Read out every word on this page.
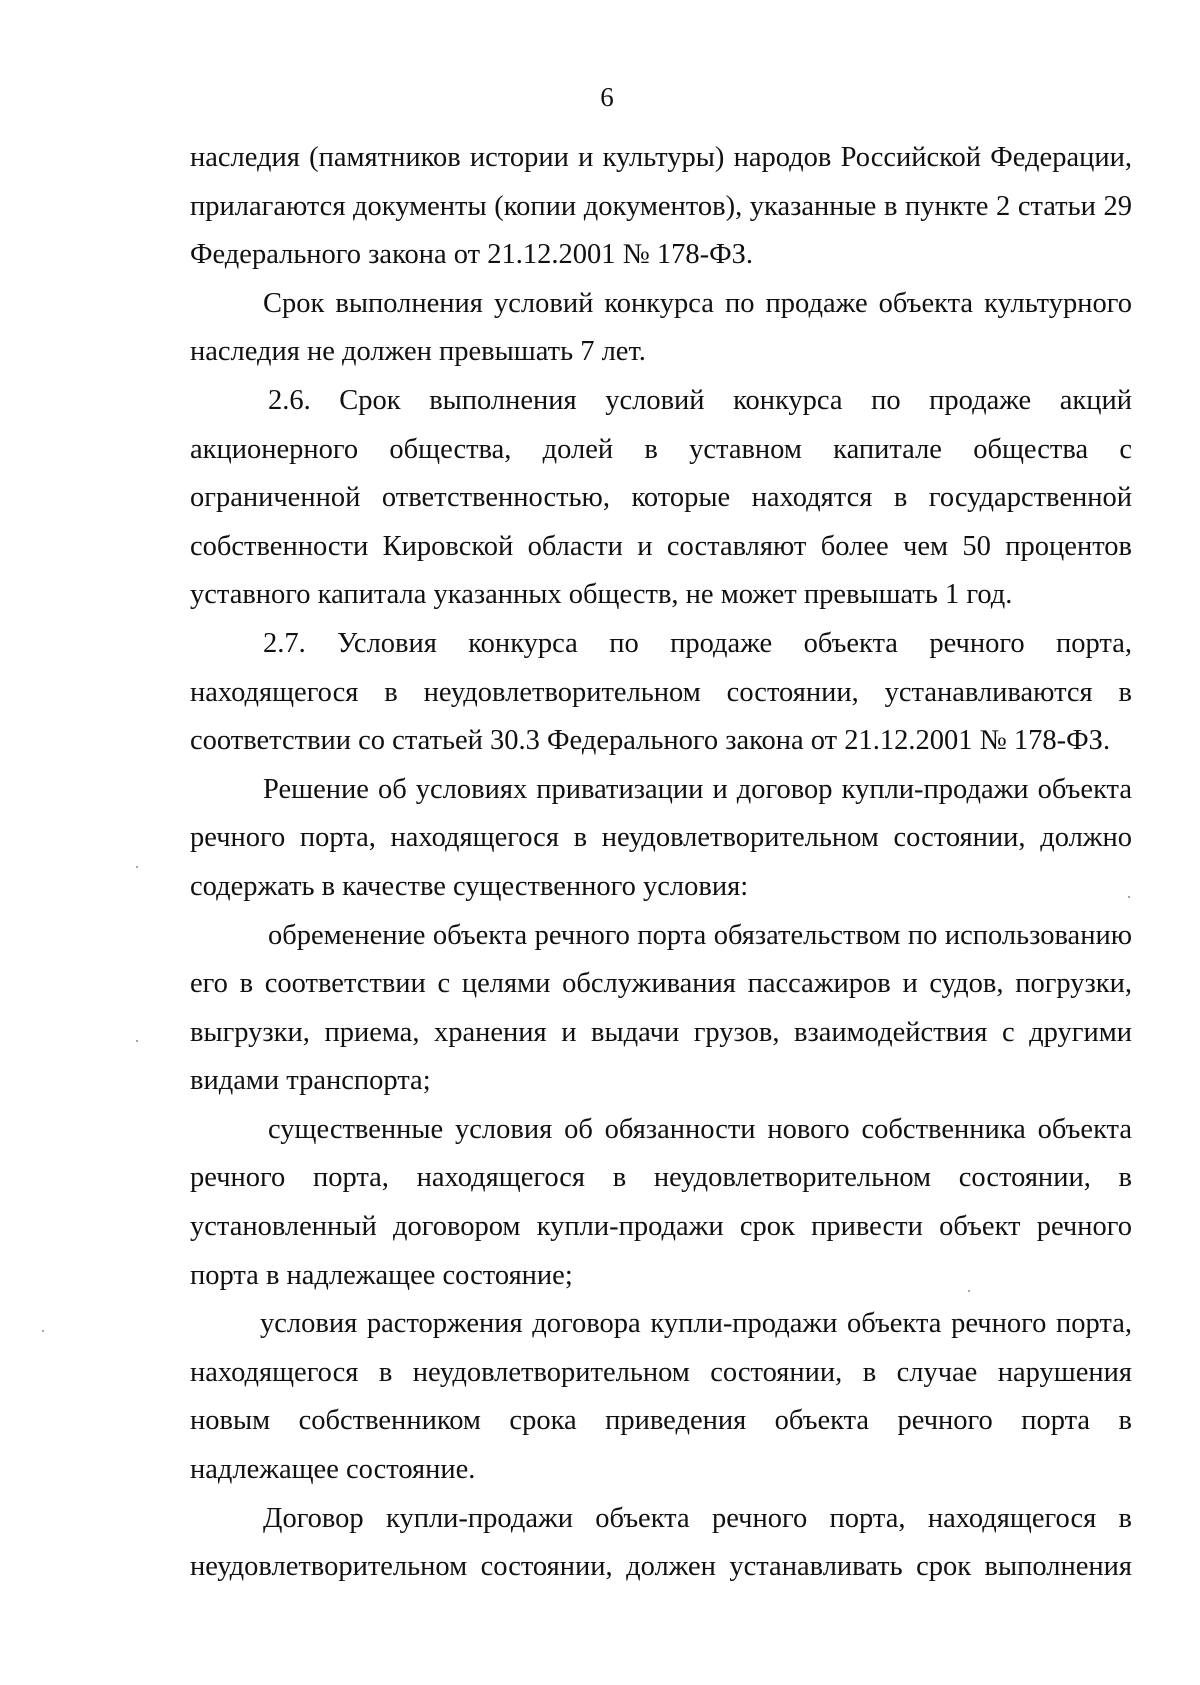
6

наследия (памятников истории и культуры) народов Российской Федерации, прилагаются документы (копии документов), указанные в пункте 2 статьи 29 Федерального закона от 21.12.2001 № 178-ФЗ.

Срок выполнения условий конкурса по продаже объекта культурного наследия не должен превышать 7 лет.

2.6. Срок выполнения условий конкурса по продаже акций акционерного общества, долей в уставном капитале общества с ограниченной ответственностью, которые находятся в государственной собственности Кировской области и составляют более чем 50 процентов уставного капитала указанных обществ, не может превышать 1 год.

2.7. Условия конкурса по продаже объекта речного порта, находящегося в неудовлетворительном состоянии, устанавливаются в соответствии со статьей 30.3 Федерального закона от 21.12.2001 № 178-ФЗ.

Решение об условиях приватизации и договор купли-продажи объекта речного порта, находящегося в неудовлетворительном состоянии, должно содержать в качестве существенного условия:

обременение объекта речного порта обязательством по использованию его в соответствии с целями обслуживания пассажиров и судов, погрузки, выгрузки, приема, хранения и выдачи грузов, взаимодействия с другими видами транспорта;

существенные условия об обязанности нового собственника объекта речного порта, находящегося в неудовлетворительном состоянии, в установленный договором купли-продажи срок привести объект речного порта в надлежащее состояние;

условия расторжения договора купли-продажи объекта речного порта, находящегося в неудовлетворительном состоянии, в случае нарушения новым собственником срока приведения объекта речного порта в надлежащее состояние.

Договор купли-продажи объекта речного порта, находящегося в неудовлетворительном состоянии, должен устанавливать срок выполнения
